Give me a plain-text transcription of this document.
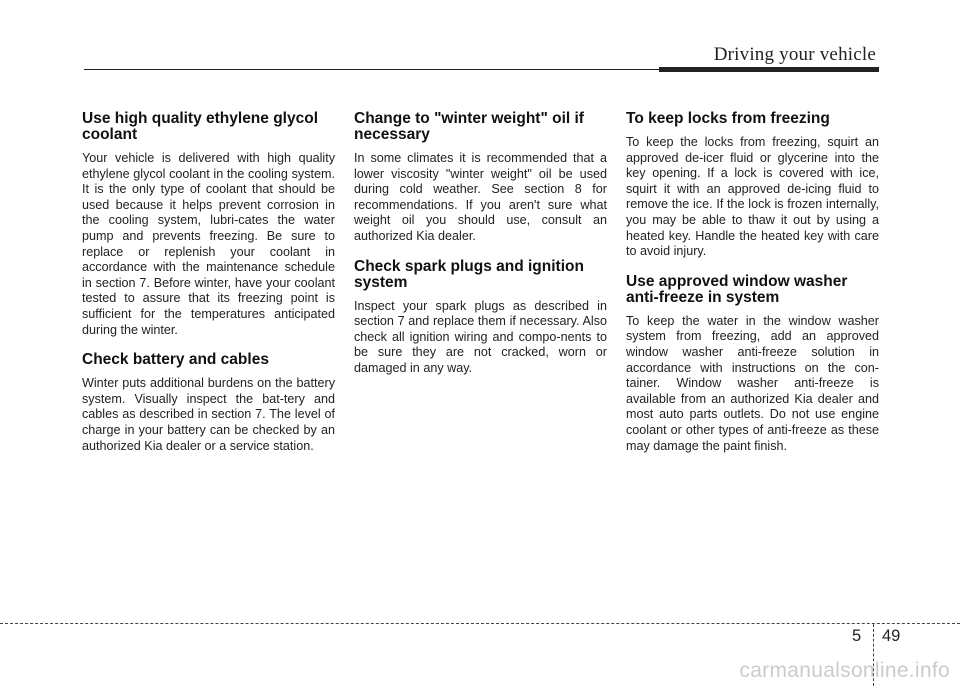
Driving your vehicle
Use high quality ethylene glycol coolant

Your vehicle is delivered with high quality ethylene glycol coolant in the cooling system. It is the only type of coolant that should be used because it helps prevent corrosion in the cooling system, lubri-cates the water pump and prevents freezing. Be sure to replace or replenish your coolant in accordance with the maintenance schedule in section 7. Before winter, have your coolant tested to assure that its freezing point is sufficient for the temperatures anticipated during the winter.

Check battery and cables

Winter puts additional burdens on the battery system. Visually inspect the bat-tery and cables as described in section 7. The level of charge in your battery can be checked by an authorized Kia dealer or a service station.

Change to "winter weight" oil if necessary

In some climates it is recommended that a lower viscosity "winter weight" oil be used during cold weather. See section 8 for recommendations. If you aren't sure what weight oil you should use, consult an authorized Kia dealer.

Check spark plugs and ignition system

Inspect your spark plugs as described in section 7 and replace them if necessary. Also check all ignition wiring and compo-nents to be sure they are not cracked, worn or damaged in any way.

To keep locks from freezing

To keep the locks from freezing, squirt an approved de-icer fluid or glycerine into the key opening. If a lock is covered with ice, squirt it with an approved de-icing fluid to remove the ice. If the lock is frozen internally, you may be able to thaw it out by using a heated key. Handle the heated key with care to avoid injury.

Use approved window washer anti-freeze in system

To keep the water in the window washer system from freezing, add an approved window washer anti-freeze solution in accordance with instructions on the con-tainer. Window washer anti-freeze is available from an authorized Kia dealer and most auto parts outlets. Do not use engine coolant or other types of anti-freeze as these may damage the paint finish.

5 49
carmanualsonline.info
